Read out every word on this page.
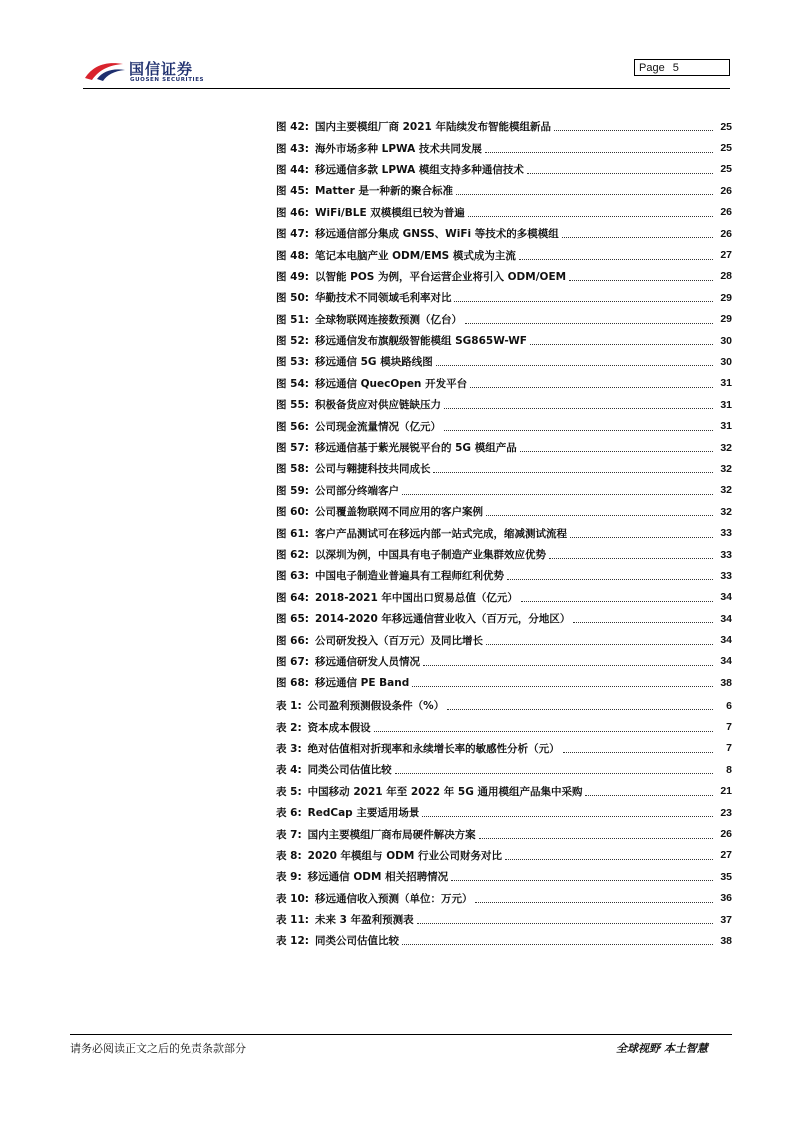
国信证券
GUOSEN SECURITIES
Page 5
图 42: 国内主要模组厂商 2021 年陆续发布智能模组新品	25
图 43: 海外市场多种 LPWA 技术共同发展	25
图 44: 移远通信多款 LPWA 模组支持多种通信技术	25
图 45: Matter 是一种新的聚合标准	26
图 46: WiFi/BLE 双模模组已较为普遍	26
图 47: 移远通信部分集成 GNSS、WiFi 等技术的多模模组	26
图 48: 笔记本电脑产业 ODM/EMS 模式成为主流	27
图 49: 以智能 POS 为例，平台运营企业将引入 ODM/OEM	28
图 50: 华勤技术不同领域毛利率对比	29
图 51: 全球物联网连接数预测（亿台）	29
图 52: 移远通信发布旗舰级智能模组 SG865W-WF	30
图 53: 移远通信 5G 模块路线图	30
图 54: 移远通信 QuecOpen 开发平台	31
图 55: 积极备货应对供应链缺压力	31
图 56: 公司现金流量情况（亿元）	31
图 57: 移远通信基于紫光展锐平台的 5G 模组产品	32
图 58: 公司与翱捷科技共同成长	32
图 59: 公司部分终端客户	32
图 60: 公司覆盖物联网不同应用的客户案例	32
图 61: 客户产品测试可在移远内部一站式完成，缩减测试流程	33
图 62: 以深圳为例，中国具有电子制造产业集群效应优势	33
图 63: 中国电子制造业普遍具有工程师红利优势	33
图 64: 2018-2021 年中国出口贸易总值（亿元）	34
图 65: 2014-2020 年移远通信营业收入（百万元，分地区）	34
图 66: 公司研发投入（百万元）及同比增长	34
图 67: 移远通信研发人员情况	34
图 68: 移远通信 PE Band	38
表 1: 公司盈利预测假设条件（%）	6
表 2: 资本成本假设	7
表 3: 绝对估值相对折现率和永续增长率的敏感性分析（元）	7
表 4: 同类公司估值比较	8
表 5: 中国移动 2021 年至 2022 年 5G 通用模组产品集中采购	21
表 6: RedCap 主要适用场景	23
表 7: 国内主要模组厂商布局硬件解决方案	26
表 8: 2020 年模组与 ODM 行业公司财务对比	27
表 9: 移远通信 ODM 相关招聘情况	35
表 10: 移远通信收入预测（单位：万元）	36
表 11: 未来 3 年盈利预测表	37
表 12: 同类公司估值比较	38
请务必阅读正文之后的免责条款部分	全球视野 本土智慧
